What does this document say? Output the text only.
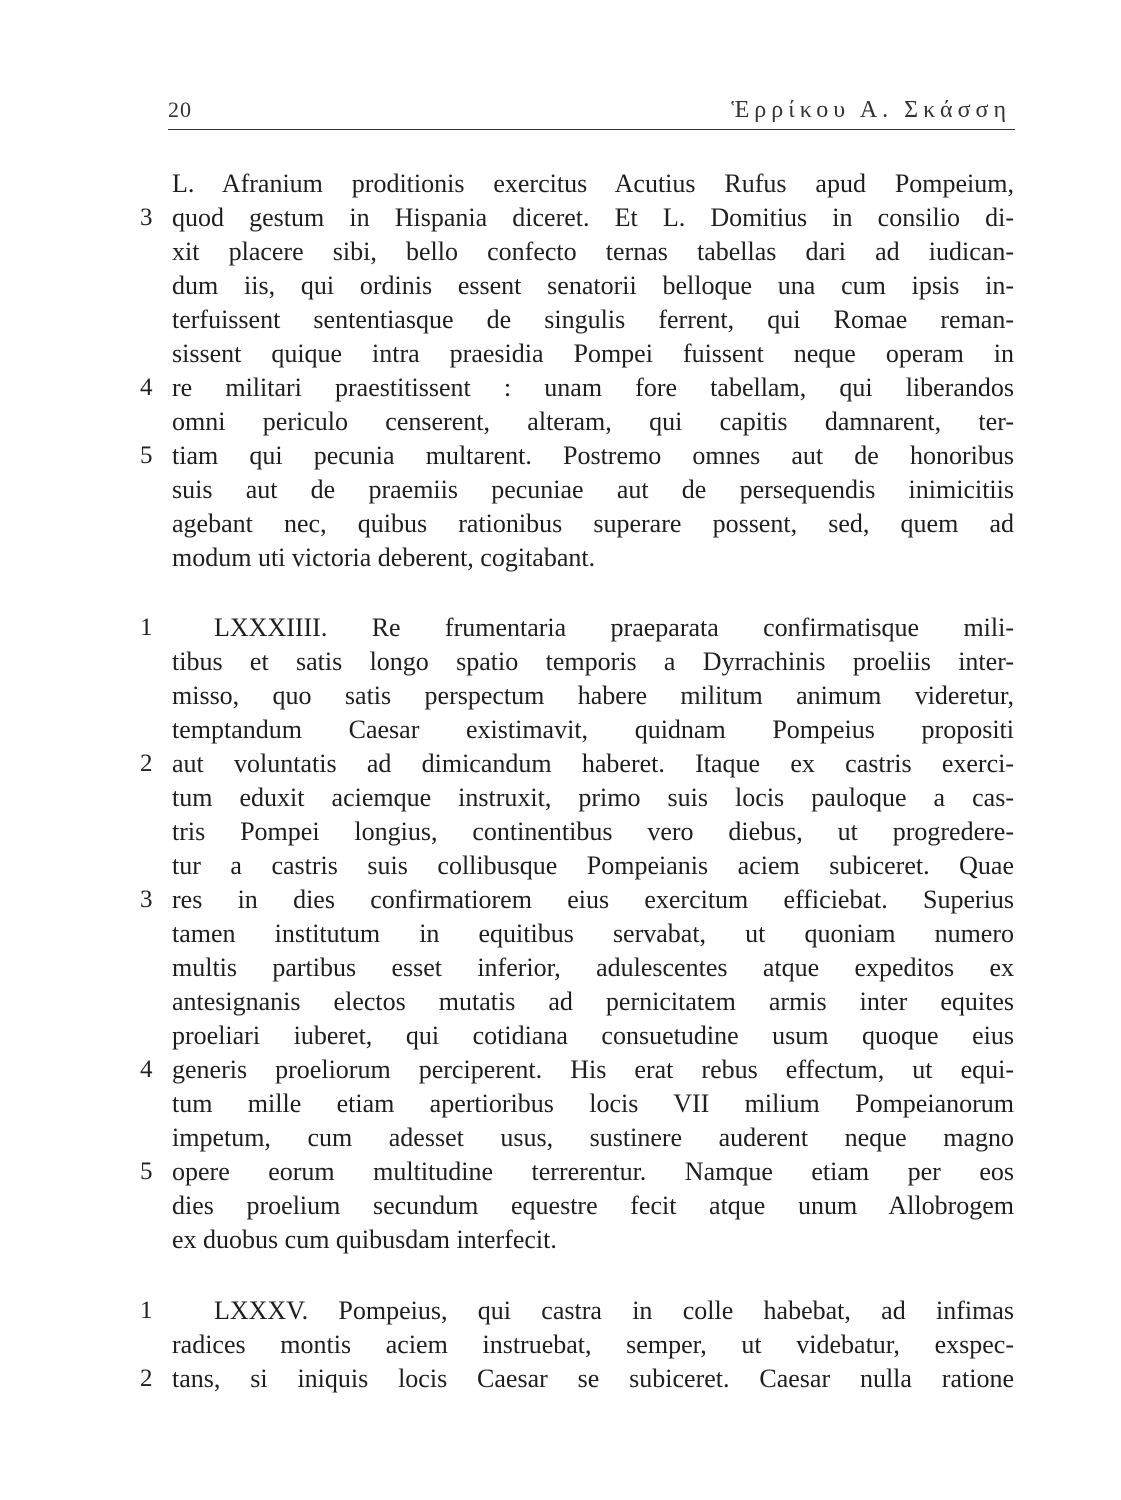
20	Ἑρρίκου Α. Σκάσση
L. Afranium proditionis exercitus Acutius Rufus apud Pompeium,
quod gestum in Hispania diceret. Et L. Domitius in consilio di-
xit placere sibi, bello confecto ternas tabellas dari ad iudican-
dum iis, qui ordinis essent senatorii belloque una cum ipsis in-
terfuissent sententiasque de singulis ferrent, qui Romae reman-
sissent quique intra praesidia Pompei fuissent neque operam in
re militari praestitissent : unam fore tabellam, qui liberandos
omni periculo censerent, alteram, qui capitis damnarent, ter-
tiam qui pecunia multarent. Postremo omnes aut de honoribus
suis aut de praemiis pecuniae aut de persequendis inimicitiis
agebant nec, quibus rationibus superare possent, sed, quem ad
modum uti victoria deberent, cogitabant.
LXXXIIII. Re frumentaria praeparata confirmatisque mili-
tibus et satis longo spatio temporis a Dyrrachinis proeliis inter-
misso, quo satis perspectum habere militum animum videretur,
temptandum Caesar existimavit, quidnam Pompeius propositi
aut voluntatis ad dimicandum haberet. Itaque ex castris exerci-
tum eduxit aciemque instruxit, primo suis locis pauloque a cas-
tris Pompei longius, continentibus vero diebus, ut progredere-
tur a castris suis collibusque Pompeianis aciem subiceret. Quae
res in dies confirmatiorem eius exercitum efficiebat. Superius
tamen institutum in equitibus servabat, ut quoniam numero
multis partibus esset inferior, adulescentes atque expeditos ex
antesignanis electos mutatis ad pernicitatem armis inter equites
proeliari iuberet, qui cotidiana consuetudine usum quoque eius
generis proeliorum perciperent. His erat rebus effectum, ut equi-
tum mille etiam apertioribus locis VII milium Pompeianorum
impetum, cum adesset usus, sustinere auderent neque magno
opere eorum multitudine terrerentur. Namque etiam per eos
dies proelium secundum equestre fecit atque unum Allobrogem
ex duobus cum quibusdam interfecit.
LXXXV. Pompeius, qui castra in colle habebat, ad infimas
radices montis aciem instruebat, semper, ut videbatur, exspec-
tans, si iniquis locis Caesar se subiceret. Caesar nulla ratione
3
4
5
1
2
3
4
5
1
2
